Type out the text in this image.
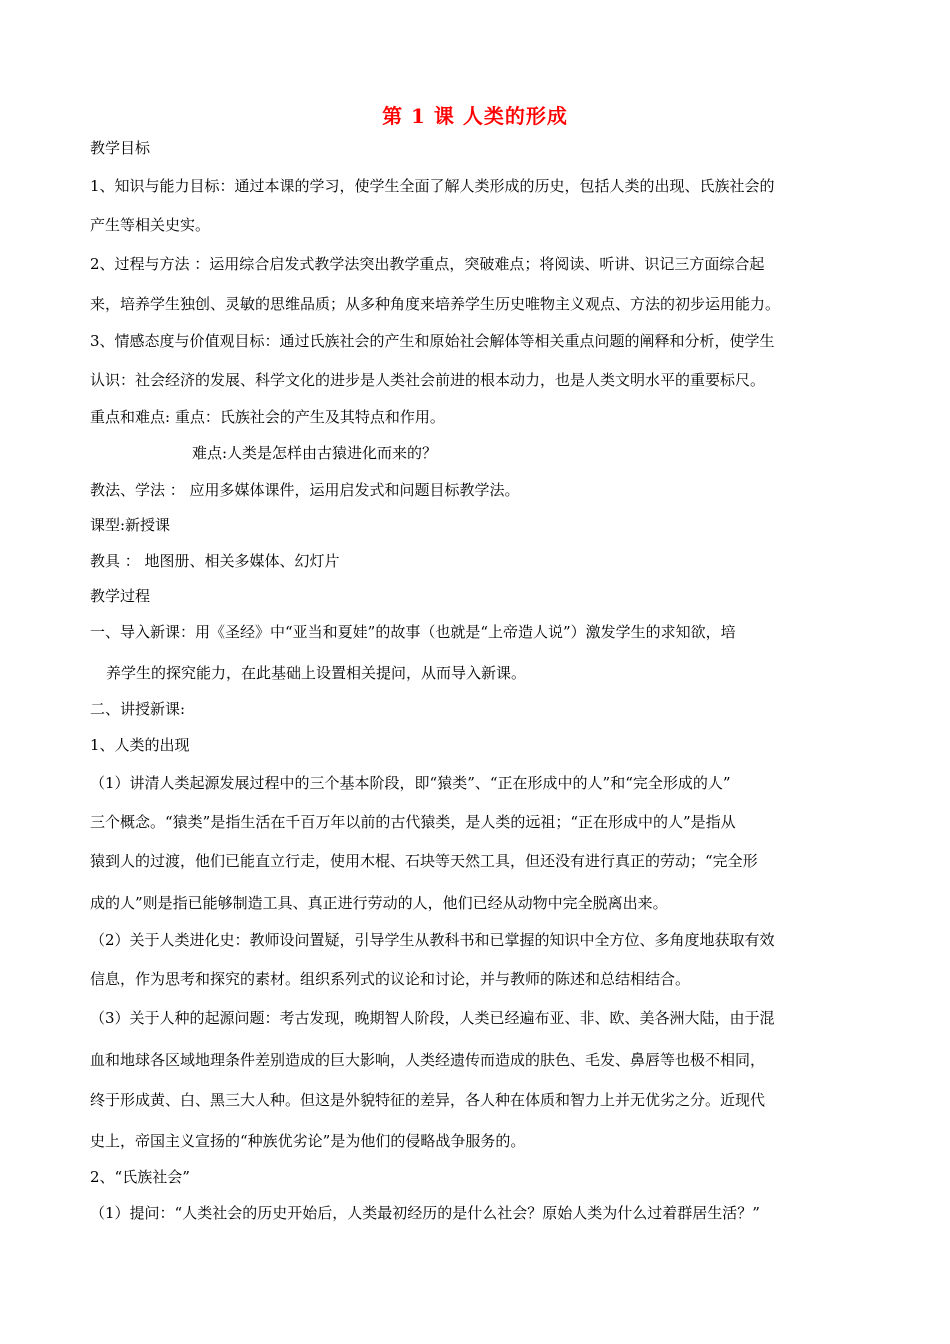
第 1 课 人类的形成
教学目标
1、知识与能力目标：通过本课的学习，使学生全面了解人类形成的历史，包括人类的出现、氏族社会的
产生等相关史实。
2、过程与方法 ：运用综合启发式教学法突出教学重点，突破难点；将阅读、听讲、识记三方面综合起
来，培养学生独创、灵敏的思维品质；从多种角度来培养学生历史唯物主义观点、方法的初步运用能力。
3、情感态度与价值观目标：通过氏族社会的产生和原始社会解体等相关重点问题的阐释和分析，使学生
认识：社会经济的发展、科学文化的进步是人类社会前进的根本动力，也是人类文明水平的重要标尺。
重点和难点: 重点：氏族社会的产生及其特点和作用。
难点:人类是怎样由古猿进化而来的？
教法、学法 ： 应用多媒体课件，运用启发式和问题目标教学法。
课型:新授课
教具 ： 地图册、相关多媒体、幻灯片
教学过程
一、导入新课：用《圣经》中“亚当和夏娃”的故事（也就是“上帝造人说”）激发学生的求知欲，培
养学生的探究能力，在此基础上设置相关提问，从而导入新课。
二、讲授新课:
1、人类的出现
（1）讲清人类起源发展过程中的三个基本阶段，即“猿类”、“正在形成中的人”和“完全形成的人”
三个概念。“猿类”是指生活在千百万年以前的古代猿类，是人类的远祖；“正在形成中的人”是指从
猿到人的过渡，他们已能直立行走，使用木棍、石块等天然工具，但还没有进行真正的劳动；“完全形
成的人”则是指已能够制造工具、真正进行劳动的人，他们已经从动物中完全脱离出来。
（2）关于人类进化史：教师设问置疑，引导学生从教科书和已掌握的知识中全方位、多角度地获取有效
信息，作为思考和探究的素材。组织系列式的议论和讨论，并与教师的陈述和总结相结合。
（3）关于人种的起源问题：考古发现，晚期智人阶段，人类已经遍布亚、非、欧、美各洲大陆，由于混
血和地球各区域地理条件差别造成的巨大影响，人类经遗传而造成的肤色、毛发、鼻唇等也极不相同，
终于形成黄、白、黑三大人种。但这是外貌特征的差异，各人种在体质和智力上并无优劣之分。近现代
史上，帝国主义宣扬的“种族优劣论”是为他们的侵略战争服务的。
2、“氏族社会”
（1）提问：“人类社会的历史开始后，人类最初经历的是什么社会？原始人类为什么过着群居生活？”
